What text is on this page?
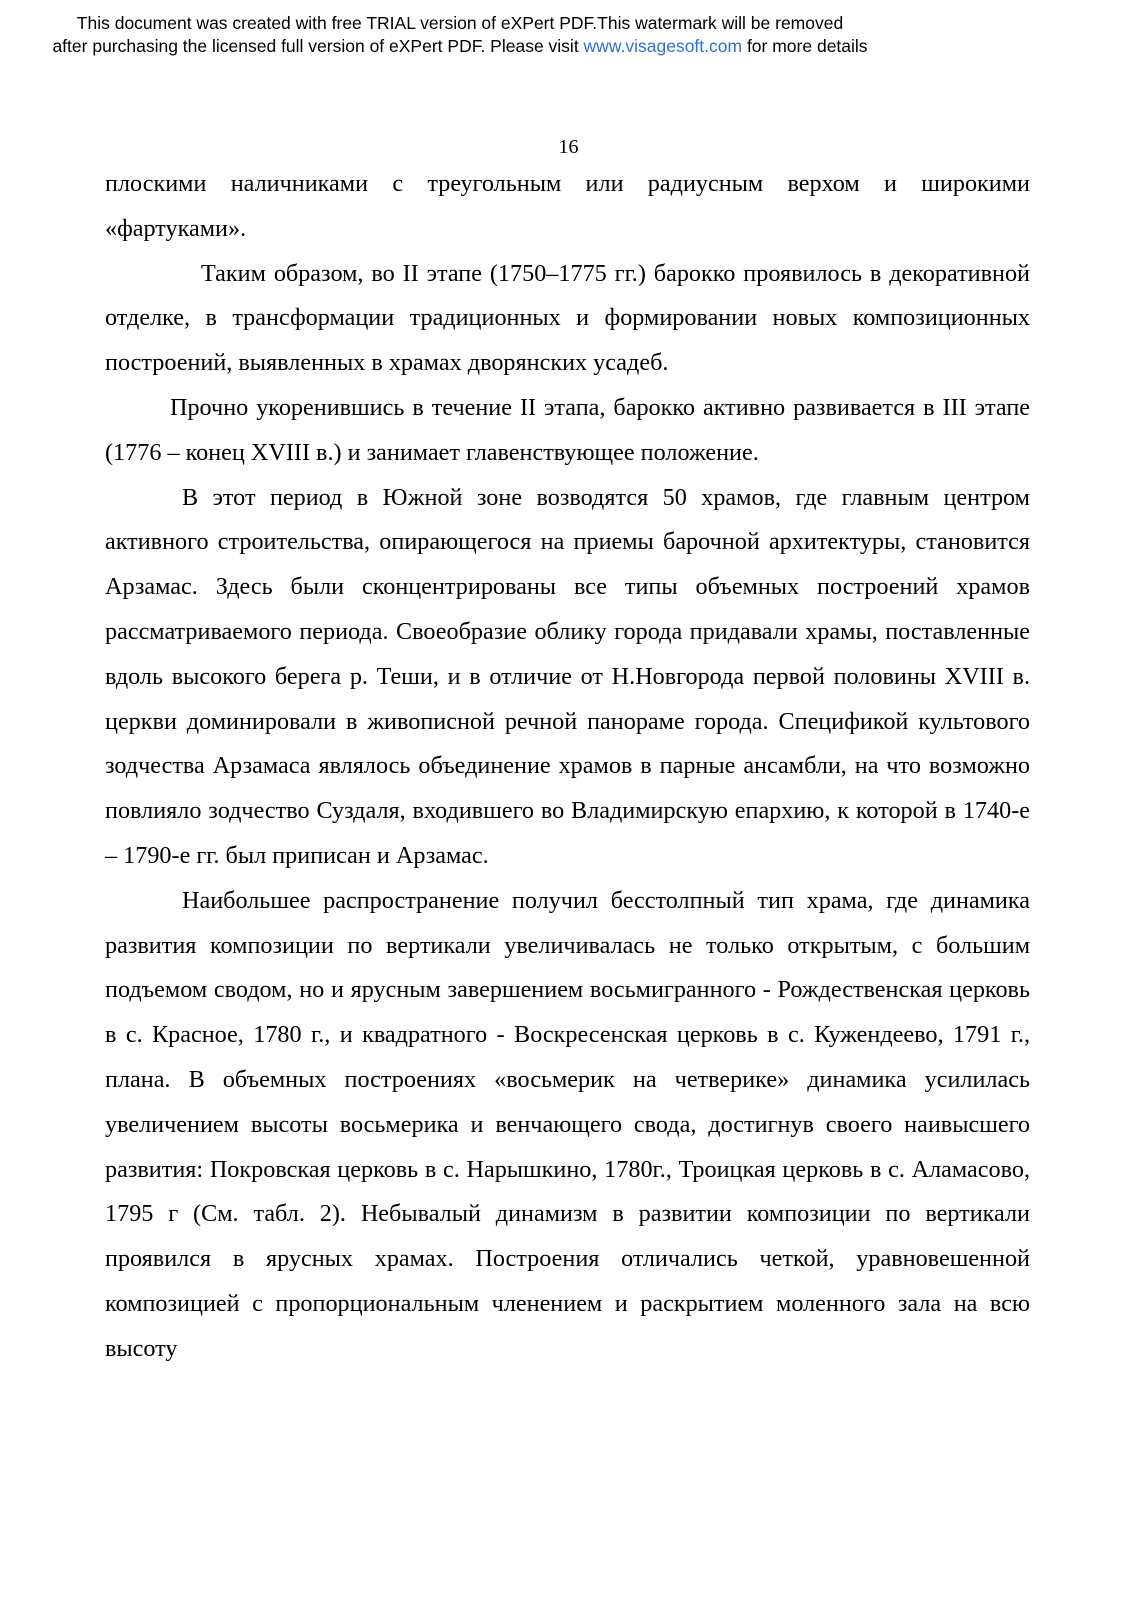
This document was created with free TRIAL version of eXPert PDF.This watermark will be removed
after purchasing the licensed full version of eXPert PDF. Please visit www.visagesoft.com for more details
16

плоскими наличниками с треугольным или радиусным верхом и широкими «фартуками».

Таким образом, во II этапе (1750–1775 гг.) барокко проявилось в декоративной отделке, в трансформации традиционных и формировании новых композиционных построений, выявленных в храмах дворянских усадеб.

Прочно укоренившись в течение II этапа, барокко активно развивается в III этапе (1776 – конец XVIII в.) и занимает главенствующее положение.

В этот период в Южной зоне возводятся 50 храмов, где главным центром активного строительства, опирающегося на приемы барочной архитектуры, становится Арзамас. Здесь были сконцентрированы все типы объемных построений храмов рассматриваемого периода. Своеобразие облику города придавали храмы, поставленные вдоль высокого берега р. Теши, и в отличие от Н.Новгорода первой половины XVIII в. церкви доминировали в живописной речной панораме города. Спецификой культового зодчества Арзамаса являлось объединение храмов в парные ансамбли, на что возможно повлияло зодчество Суздаля, входившего во Владимирскую епархию, к которой в 1740-е – 1790-е гг. был приписан и Арзамас.

Наибольшее распространение получил бесстолпный тип храма, где динамика развития композиции по вертикали увеличивалась не только открытым, с большим подъемом сводом, но и ярусным завершением восьмигранного - Рождественская церковь в с. Красное, 1780 г., и квадратного - Воскресенская церковь в с. Кужендеево, 1791 г., плана. В объемных построениях «восьмерик на четверике» динамика усилилась увеличением высоты восьмерика и венчающего свода, достигнув своего наивысшего развития: Покровская церковь в с. Нарышкино, 1780г., Троицкая церковь в с. Аламасово, 1795 г (См. табл. 2). Небывалый динамизм в развитии композиции по вертикали проявился в ярусных храмах. Построения отличались четкой, уравновешенной композицией с пропорциональным членением и раскрытием моленного зала на всю высоту
